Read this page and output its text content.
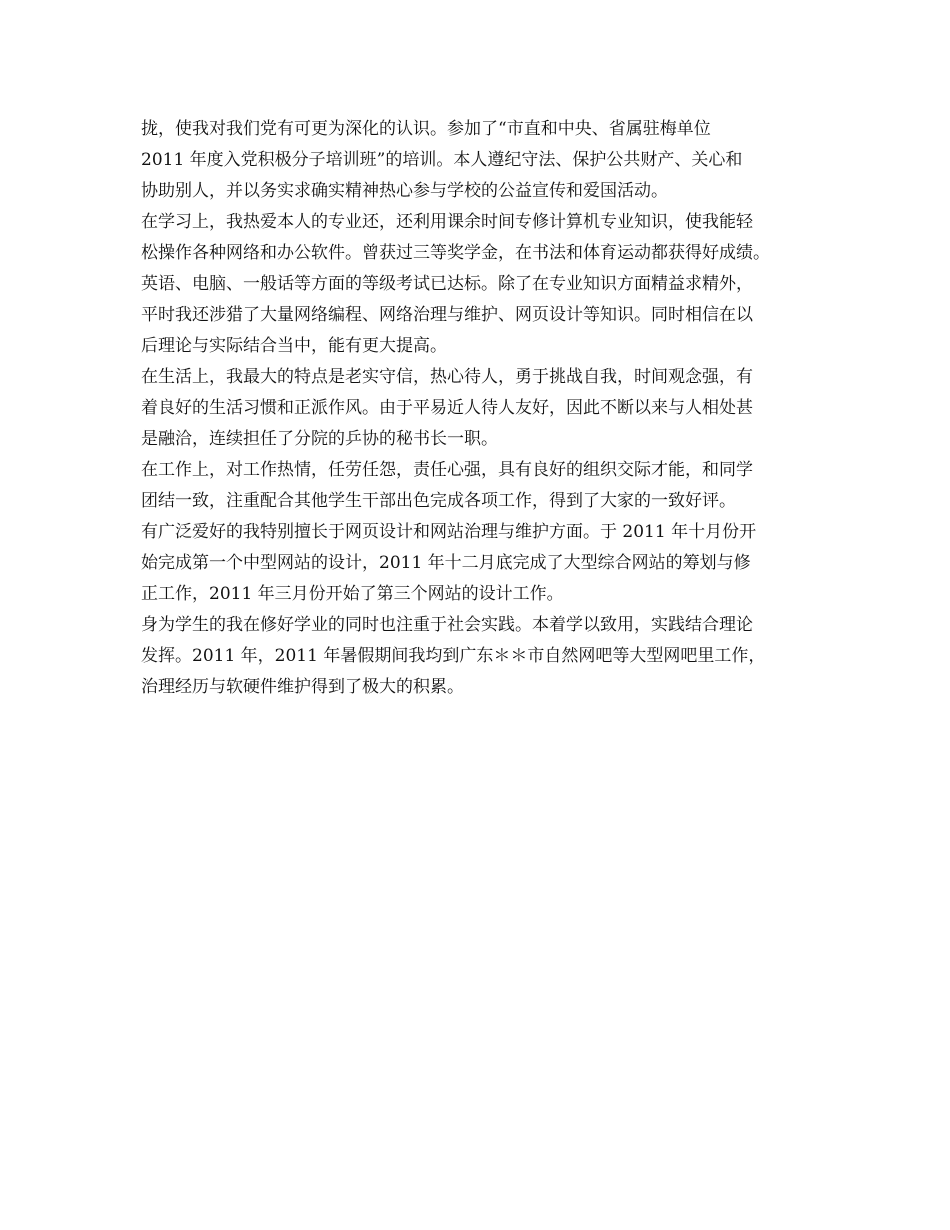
拢，使我对我们党有可更为深化的认识。参加了“市直和中央、省属驻梅单位

2011 年度入党积极分子培训班”的培训。本人遵纪守法、保护公共财产、关心和

协助别人，并以务实求确实精神热心参与学校的公益宣传和爱国活动。

在学习上，我热爱本人的专业还，还利用课余时间专修计算机专业知识，使我能轻

松操作各种网络和办公软件。曾获过三等奖学金，在书法和体育运动都获得好成绩。

英语、电脑、一般话等方面的等级考试已达标。除了在专业知识方面精益求精外，

平时我还涉猎了大量网络编程、网络治理与维护、网页设计等知识。同时相信在以

后理论与实际结合当中，能有更大提高。

在生活上，我最大的特点是老实守信，热心待人，勇于挑战自我，时间观念强，有

着良好的生活习惯和正派作风。由于平易近人待人友好，因此不断以来与人相处甚

是融洽，连续担任了分院的乒协的秘书长一职。

在工作上，对工作热情，任劳任怨，责任心强，具有良好的组织交际才能，和同学

团结一致，注重配合其他学生干部出色完成各项工作，得到了大家的一致好评。

有广泛爱好的我特别擅长于网页设计和网站治理与维护方面。于 2011 年十月份开

始完成第一个中型网站的设计，2011 年十二月底完成了大型综合网站的筹划与修

正工作，2011 年三月份开始了第三个网站的设计工作。

身为学生的我在修好学业的同时也注重于社会实践。本着学以致用，实践结合理论

发挥。2011 年，2011 年暑假期间我均到广东＊＊市自然网吧等大型网吧里工作，

治理经历与软硬件维护得到了极大的积累。
